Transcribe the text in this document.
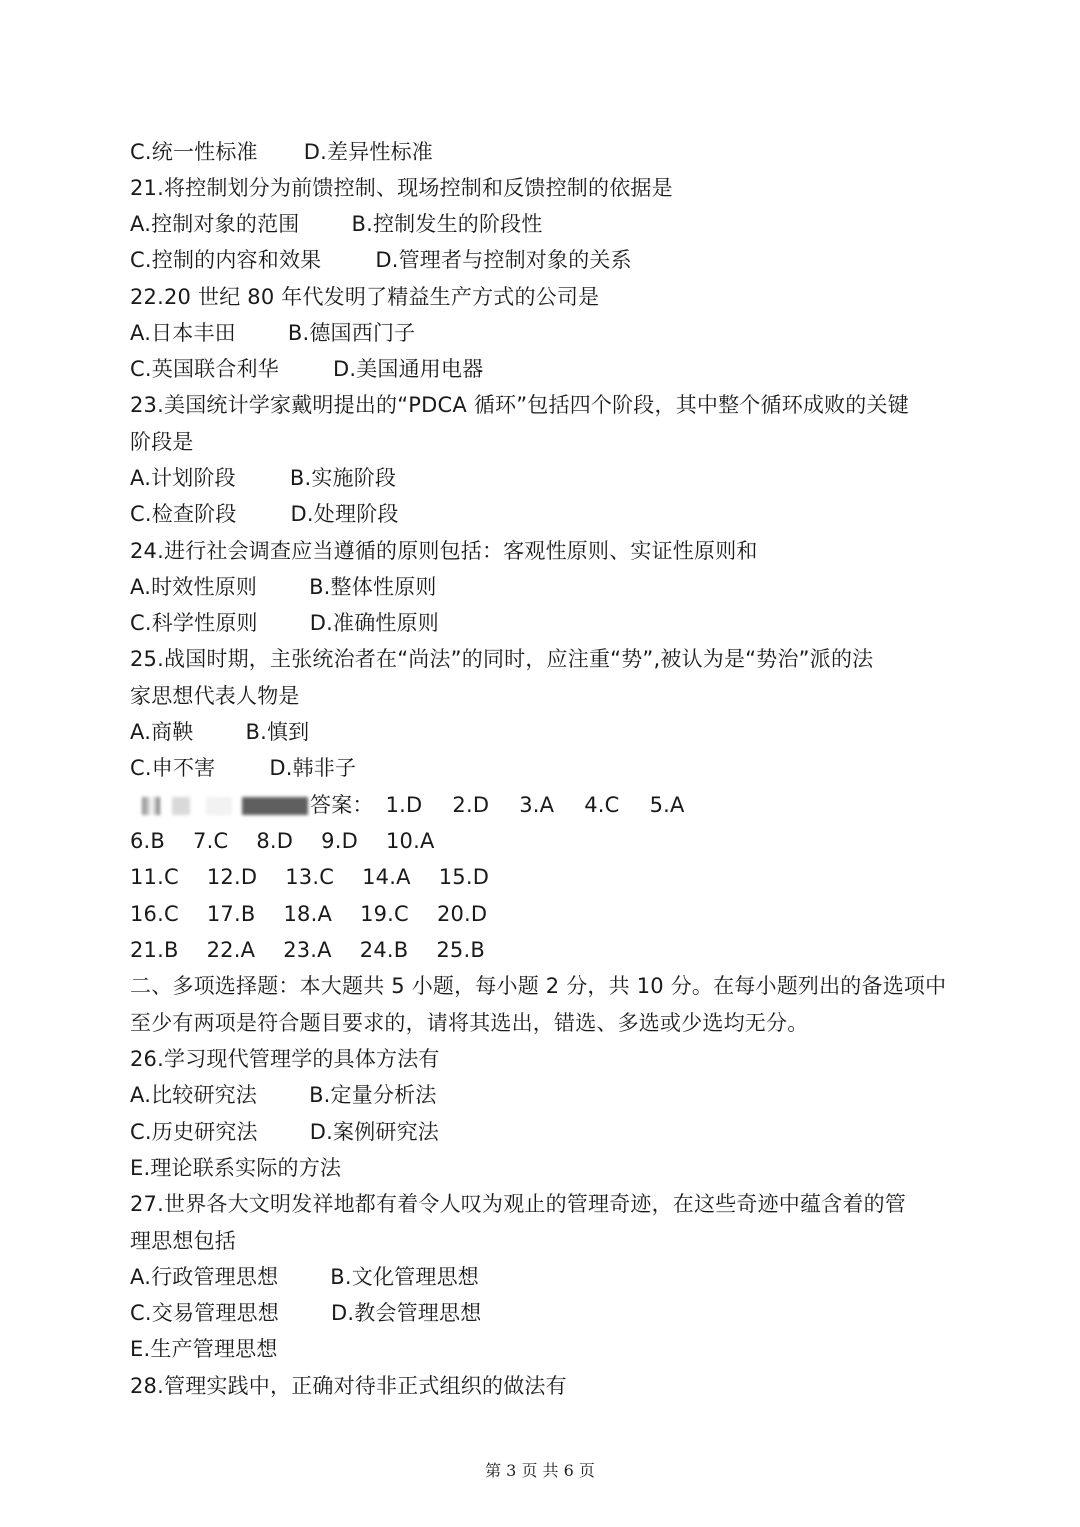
C.统一性标准 D.差异性标准
21.将控制划分为前馈控制、现场控制和反馈控制的依据是
A.控制对象的范围 B.控制发生的阶段性
C.控制的内容和效果	D.管理者与控制对象的关系
22.20 世纪 80 年代发明了精益生产方式的公司是
A.日本丰田 B.德国西门子
C.英国联合利华	D.美国通用电器
23.美国统计学家戴明提出的“PDCA 循环”包括四个阶段，其中整个循环成败的关键
阶段是
A.计划阶段	B.实施阶段
C.检查阶段	D.处理阶段
24.进行社会调查应当遵循的原则包括：客观性原则、实证性原则和
A.时效性原则 B.整体性原则
C.科学性原则 D.准确性原则
25.战国时期，主张统治者在“尚法”的同时，应注重“势”,被认为是“势治”派的法
家思想代表人物是
A.商鞅 B.慎到
C.申不害	D.韩非子
答案： 1.D 2.D 3.A 4.C 5.A
6.B 7.C 8.D 9.D 10.A
11.C 12.D 13.C 14.A 15.D
16.C 17.B 18.A 19.C 20.D
21.B 22.A 23.A 24.B 25.B
二、多项选择题：本大题共 5 小题，每小题 2 分，共 10 分。在每小题列出的备选项中
至少有两项是符合题目要求的，请将其选出，错选、多选或少选均无分。
26.学习现代管理学的具体方法有
A.比较研究法 B.定量分析法
C.历史研究法 D.案例研究法
E.理论联系实际的方法
27.世界各大文明发祥地都有着令人叹为观止的管理奇迹，在这些奇迹中蕴含着的管
理思想包括
A.行政管理思想 B.文化管理思想
C.交易管理思想 D.教会管理思想
E.生产管理思想
28.管理实践中，正确对待非正式组织的做法有
第 3 页 共 6 页
